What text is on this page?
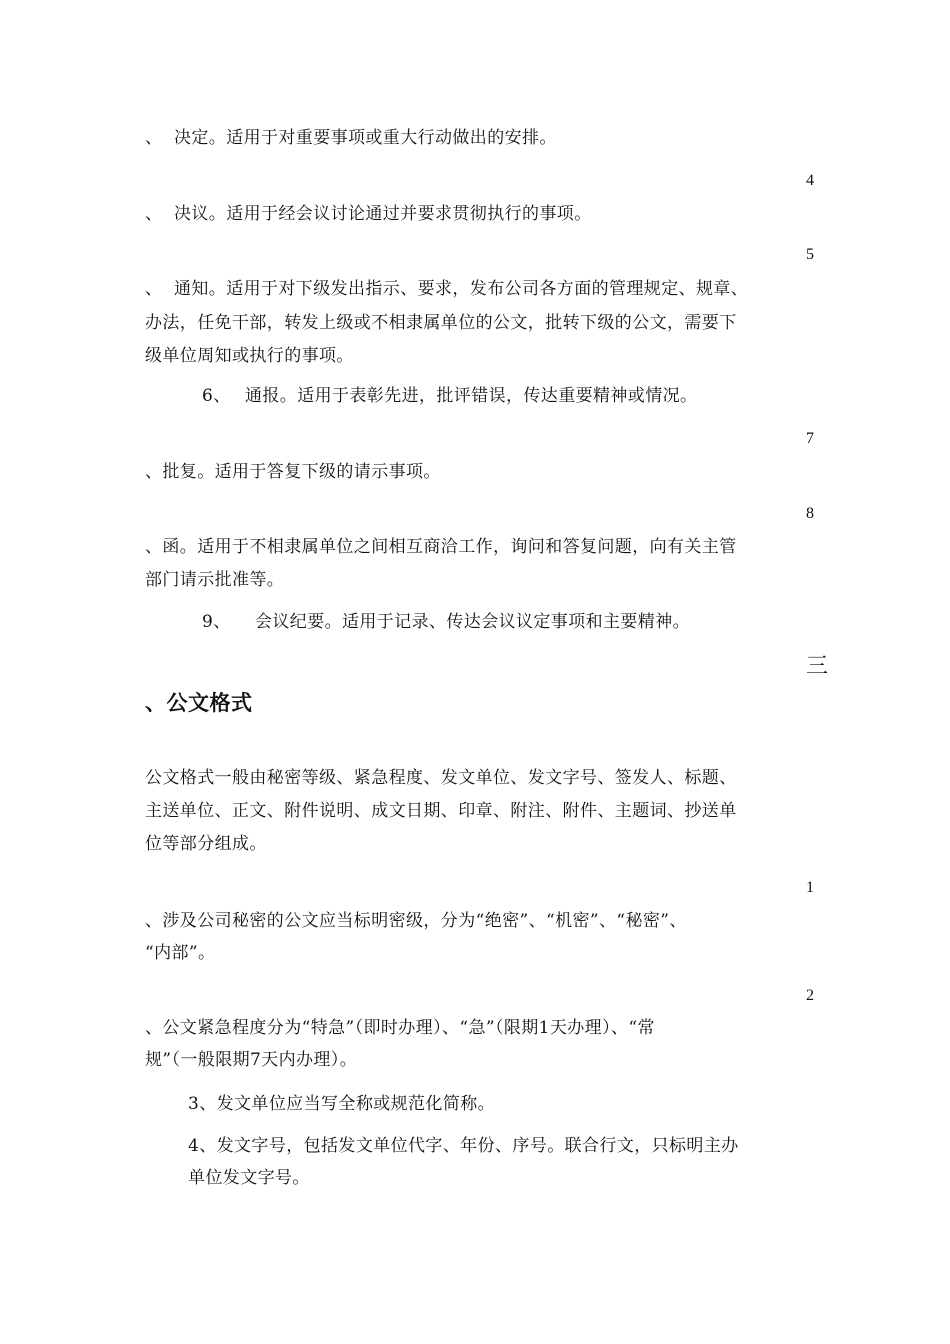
、 决定。适用于对重要事项或重大行动做出的安排。
4
、 决议。适用于经会议讨论通过并要求贯彻执行的事项。
5
、 通知。适用于对下级发出指示、要求，发布公司各方面的管理规定、规章、
办法，任免干部，转发上级或不相隶属单位的公文，批转下级的公文，需要下
级单位周知或执行的事项。
6、 通报。适用于表彰先进，批评错误，传达重要精神或情况。
7
、批复。适用于答复下级的请示事项。
8
、函。适用于不相隶属单位之间相互商洽工作，询问和答复问题，向有关主管
部门请示批准等。
9、 会议纪要。适用于记录、传达会议议定事项和主要精神。
三
、公文格式
公文格式一般由秘密等级、紧急程度、发文单位、发文字号、签发人、标题、
主送单位、正文、附件说明、成文日期、印章、附注、附件、主题词、抄送单
位等部分组成。
1
、涉及公司秘密的公文应当标明密级，分为“绝密”、“机密”、“秘密”、
“内部”。
2
、公文紧急程度分为“特急”（即时办理）、“急”（限期1天办理）、“常
规”（一般限期7天内办理）。
3、发文单位应当写全称或规范化简称。
4、发文字号，包括发文单位代字、年份、序号。联合行文，只标明主办
单位发文字号。
